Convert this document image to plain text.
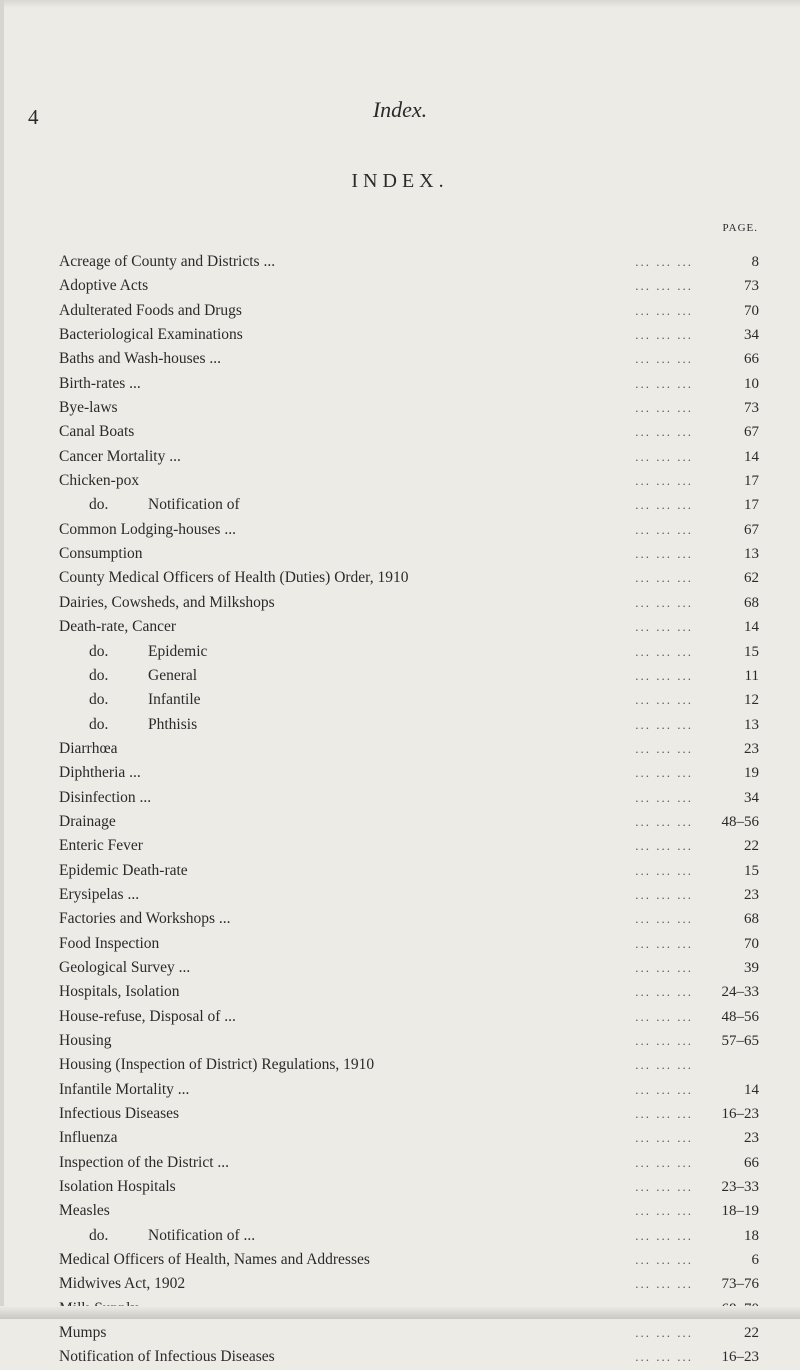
4	Index.
INDEX.
PAGE.
Acreage of County and Districts ...	... ... ...	8
Adoptive Acts	... ... ...	73
Adulterated Foods and Drugs	... ... ...	70
Bacteriological Examinations	... ... ...	34
Baths and Wash-houses ...	... ... ...	66
Birth-rates ...	... ... ...	10
Bye-laws	... ... ...	73
Canal Boats	... ... ...	67
Cancer Mortality ...	... ... ...	14
Chicken-pox	... ... ...	17
do.	Notification of	... ... ...	17
Common Lodging-houses ...	... ... ...	67
Consumption	... ... ...	13
County Medical Officers of Health (Duties) Order, 1910	... ... ...	62
Dairies, Cowsheds, and Milkshops	... ... ...	68
Death-rate, Cancer	... ... ...	14
do.	Epidemic	... ... ...	15
do.	General	... ... ...	11
do.	Infantile	... ... ...	12
do.	Phthisis	... ... ...	13
Diarrhœa	... ... ...	23
Diphtheria ...	... ... ...	19
Disinfection ...	... ... ...	34
Drainage	... ... ...	48–56
Enteric Fever	... ... ...	22
Epidemic Death-rate	... ... ...	15
Erysipelas ...	... ... ...	23
Factories and Workshops ...	... ... ...	68
Food Inspection	... ... ...	70
Geological Survey ...	... ... ...	39
Hospitals, Isolation	... ... ...	24–33
House-refuse, Disposal of ...	... ... ...	48–56
Housing	... ... ...	57–65
Housing (Inspection of District) Regulations, 1910	... ... ...
Infantile Mortality ...	... ... ...	14
Infectious Diseases	... ... ...	16–23
Influenza	... ... ...	23
Inspection of the District ...	... ... ...	66
Isolation Hospitals	... ... ...	23–33
Measles	... ... ...	18–19
do.	Notification of ...	... ... ...	18
Medical Officers of Health, Names and Addresses	... ... ...	6
Midwives Act, 1902	... ... ...	73–76
Mumps	... ... ...	22
Notification of Infectious Diseases	... ... ...	16–23
